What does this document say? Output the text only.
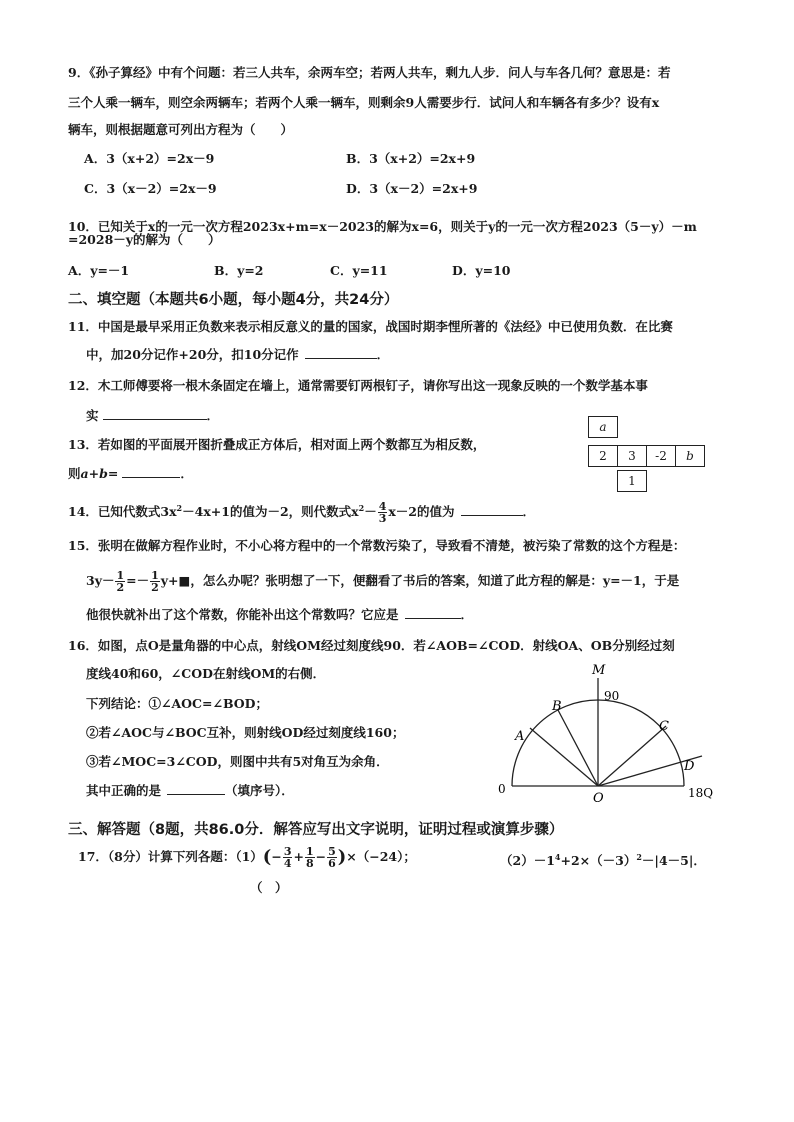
9．《孙子算经》中有个问题：若三人共车，余两车空；若两人共车，剩九人步．问人与车各几何？意思是：若
三个人乘一辆车，则空余两辆车；若两个人乘一辆车，则剩余9人需要步行．试问人和车辆各有多少？设有x
辆车，则根据题意可列出方程为（　　）
A．3（x+2）=2x－9	B．3（x+2）=2x+9
C．3（x－2）=2x－9	D．3（x－2）=2x+9
10．已知关于x的一元一次方程2023x+m=x－2023的解为x=6，则关于y的一元一次方程2023（5－y）－m
=2028－y的解为（　　）
A．y=－1	B．y=2	C．y=11	D．y=10
二、填空题（本题共6小题，每小题4分，共24分）
11．中国是最早采用正负数来表示相反意义的量的国家，战国时期李悝所著的《法经》中已使用负数．在比赛
中，加20分记作+20分，扣10分记作	．
12．木工师傅要将一根木条固定在墙上，通常需要钉两根钉子，请你写出这一现象反映的一个数学基本事
实	．
13．若如图的平面展开图折叠成正方体后，相对面上两个数都互为相反数，
则a+b=	．
a
2	3	-2	b
1
14．已知代数式$3x^2-4x+1$的值为－2，则代数式$x^2- \frac{4}{3} x-2$的值为	．
15．张明在做解方程作业时，不小心将方程中的一个常数污染了，导致看不清楚，被污染了常数的这个方程是：
$3y- \frac{1}{2} =- \frac{1}{2}$ y+■，怎么办呢？张明想了一下，便翻看了书后的答案，知道了此方程的解是：y=－1，于是
他很快就补出了这个常数，你能补出这个常数吗？它应是	．
16．如图，点O是量角器的中心点，射线OM经过刻度线90．若∠AOB=∠COD．射线OA、OB分别经过刻
度线40和60，∠COD在射线OM的右侧．
下列结论：①∠AOC=∠BOD；
②若∠AOC与∠BOC互补，则射线OD经过刻度线160；
③若∠MOC=3∠COD，则图中共有5对角互为余角．
其中正确的是	（填序号）．
M
90
B
A
C
D
0
O	18Q
三、解答题（8题，共86.0分．解答应写出文字说明，证明过程或演算步骤）
17．（8分）计算下列各题：$(1)(- \frac{3}{4} + \frac{1}{8} - \frac{5}{6} )\times(-24)$；	$(2)-1^4+2\times(-3)^2-|4-5|$．
（　）
